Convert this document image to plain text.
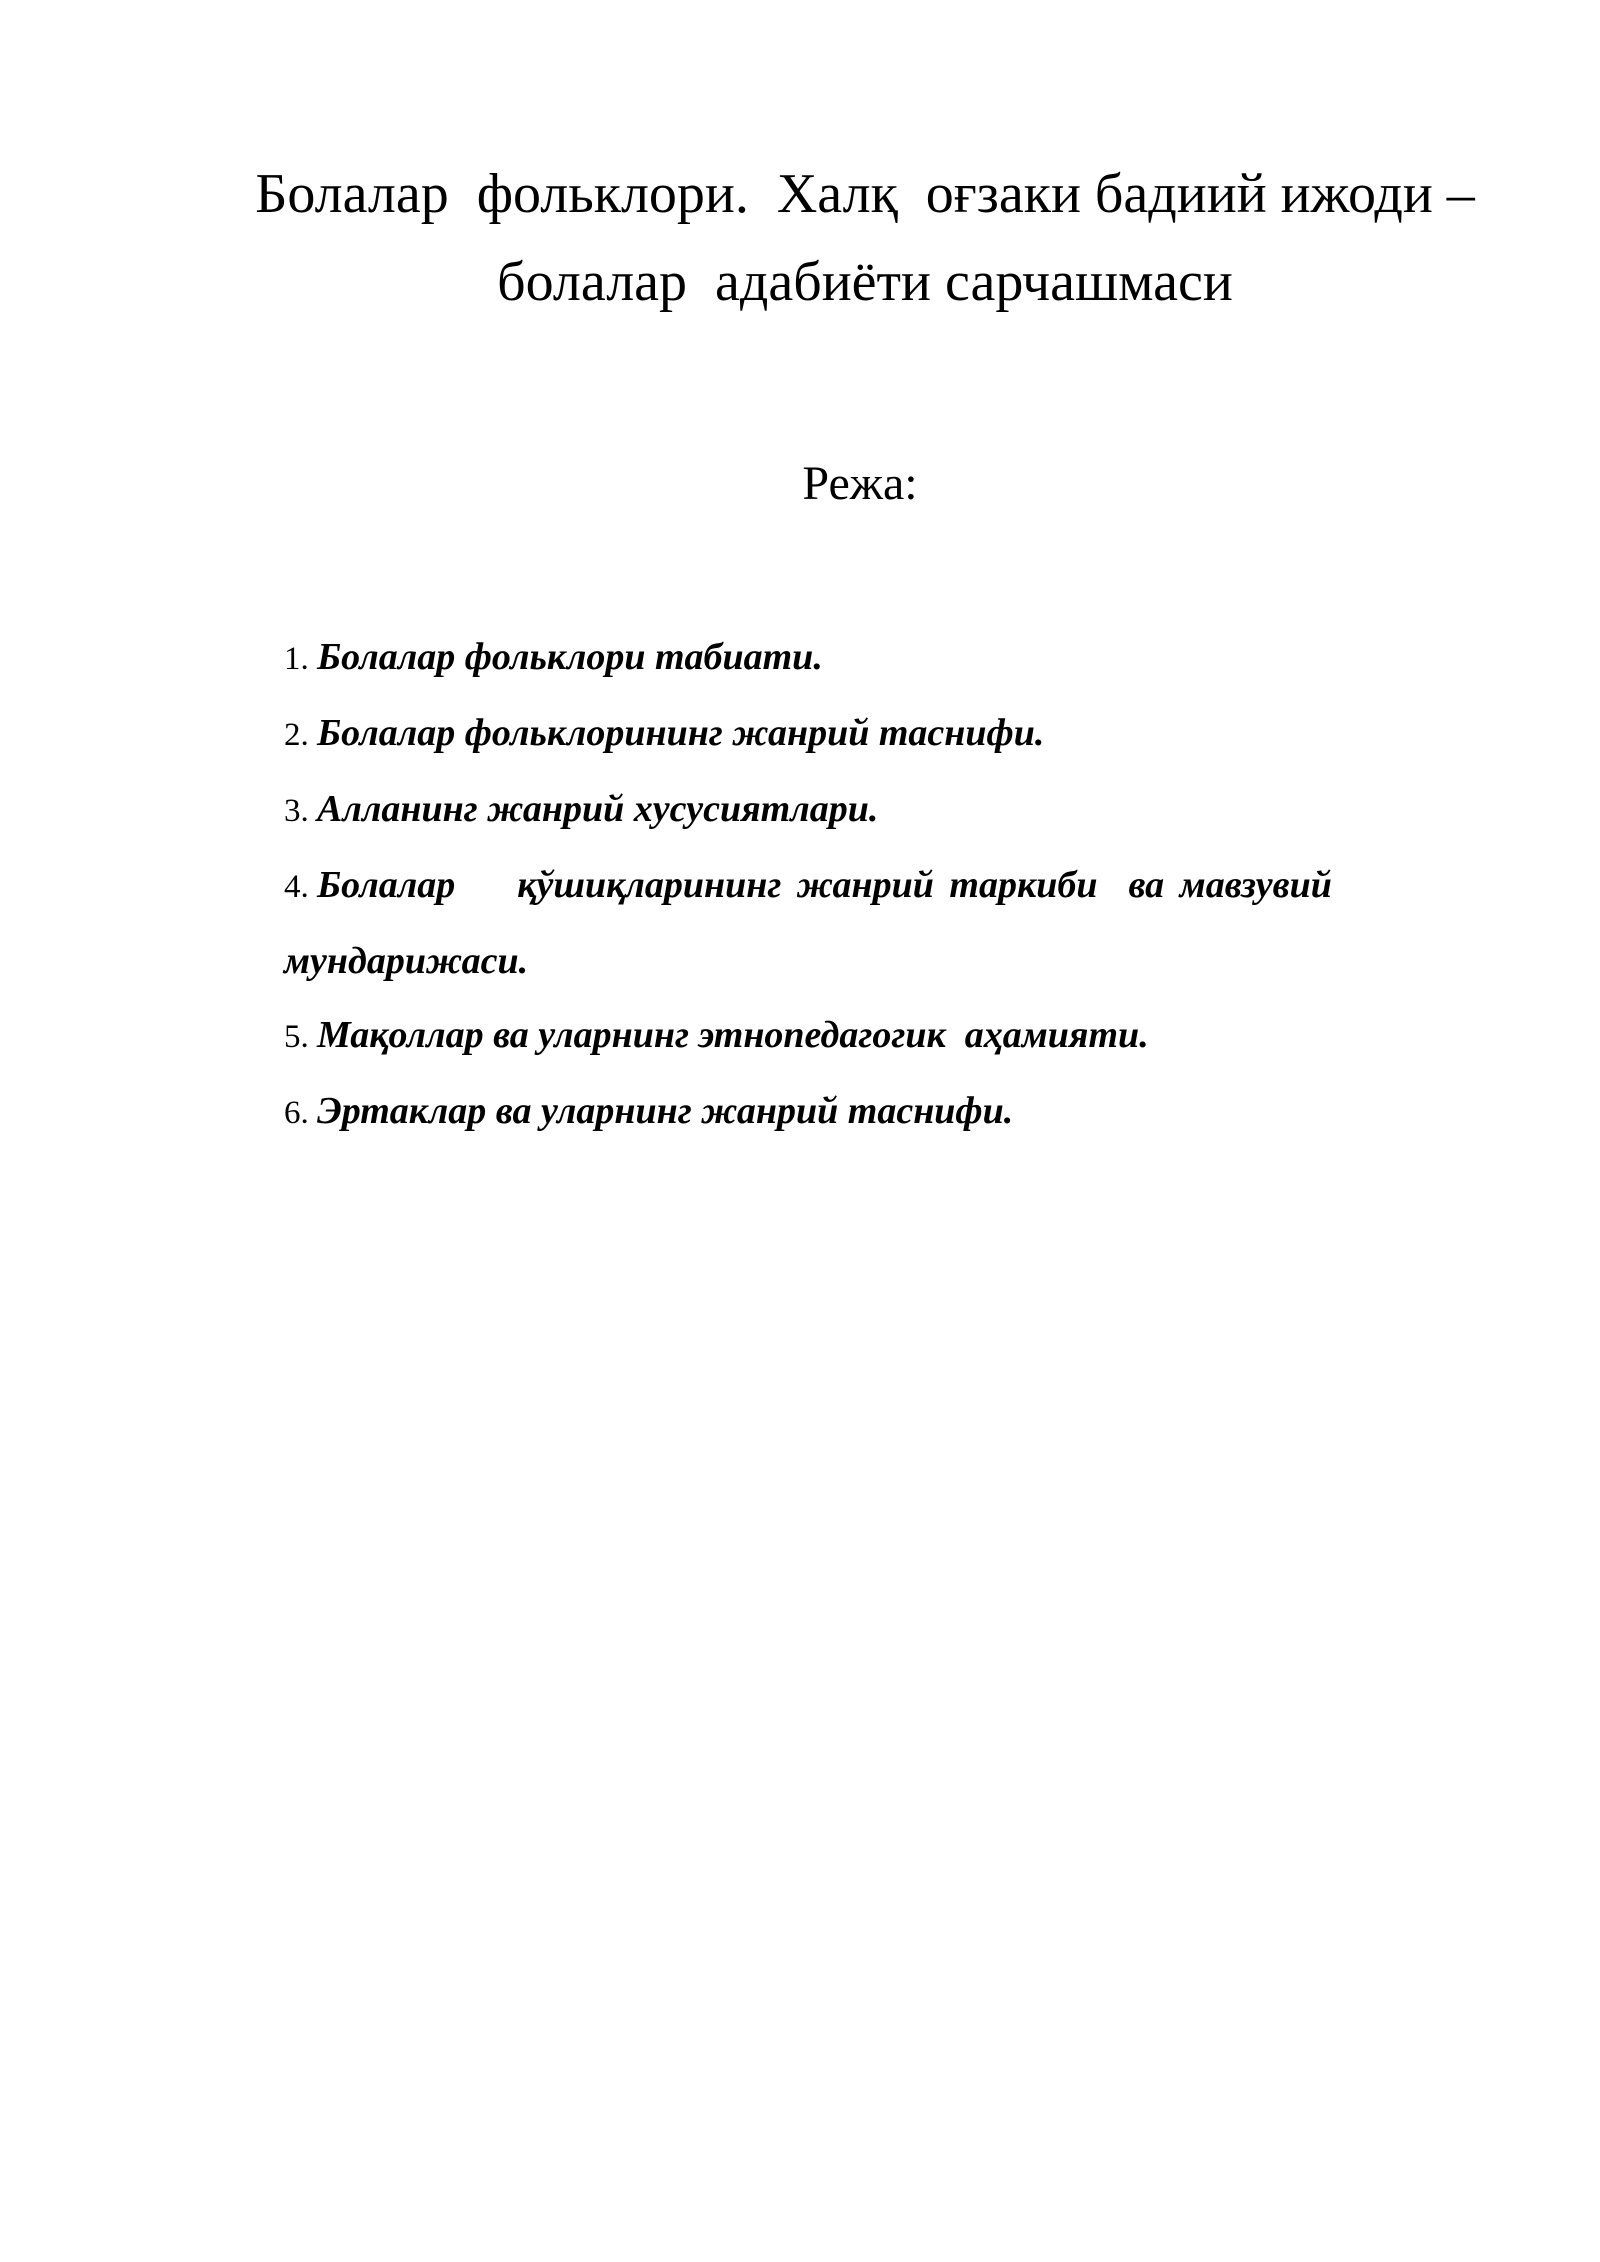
Болалар  фольклори.  Халқ  оғзаки бадиий ижоди –
болалар  адабиёти сарчашмаси
Режа:
1. Болалар фольклори табиати.
2. Болалар фольклорининг жанрий таснифи.
3. Алланинг жанрий хусусиятлари.
4. Болалар    қўшиқларининг жанрий таркиби  ва мавзувий мундарижаси.
5. Мақоллар ва уларнинг этнопедагогик  аҳамияти.
6. Эртаклар ва уларнинг жанрий таснифи.
